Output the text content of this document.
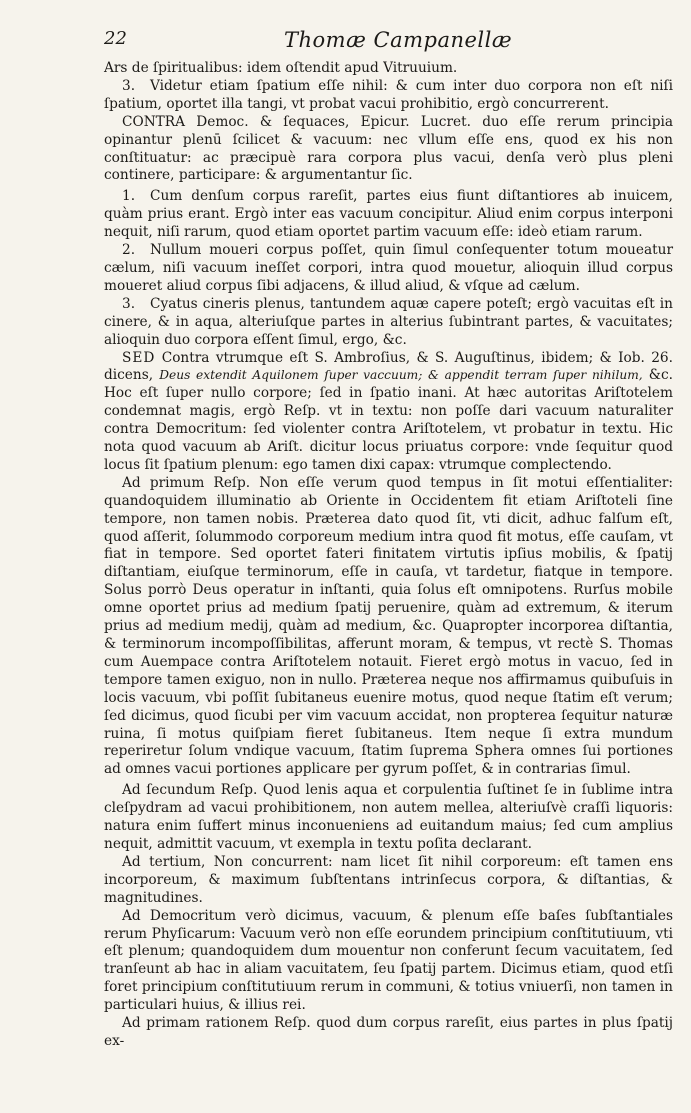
22	Thomæ Campanellæ

Ars de ſpiritualibus: idem oſtendit apud Vitruuium.

3. Videtur etiam ſpatium eſſe nihil: & cum inter duo corpora non eſt niſi ſpatium, oportet illa tangi, vt probat vacui prohibitio, ergò concurrerent.

CONTRA Democ. & ſequaces, Epicur. Lucret. duo eſſe rerum principia opinantur plenū ſcilicet & vacuum: nec vllum eſſe ens, quod ex his non conſtituatur: ac præcipuè rara corpora plus vacui, denſa verò plus pleni continere, participare: & argumentantur ſic.

1. Cum denſum corpus rareſit, partes eius fiunt diſtantiores ab inuicem, quàm prius erant. Ergò inter eas vacuum concipitur. Aliud enim corpus interponi nequit, niſi rarum, quod etiam oportet partim vacuum eſſe: ideò etiam rarum.

2. Nullum moueri corpus poſſet, quin ſimul conſequenter totum moueatur cælum, niſi vacuum ineſſet corpori, intra quod mouetur, alioquin illud corpus moueret aliud corpus ſibi adjacens, & illud aliud, & vſque ad cælum.

3. Cyatus cineris plenus, tantundem aquæ capere poteſt; ergò vacuitas eſt in cinere, & in aqua, alteriuſque partes in alterius ſubintrant partes, & vacuitates; alioquin duo corpora eſſent ſimul, ergo, &c.

SED Contra vtrumque eſt S. Ambroſius, & S. Auguſtinus, ibidem; & Iob. 26. dicens, Deus extendit Aquilonem ſuper vaccuum; & appendit terram ſuper nihilum, &c. Hoc eſt ſuper nullo corpore; ſed in ſpatio inani. At hæc autoritas Ariſtotelem condemnat magis, ergò Reſp. vt in textu: non poſſe dari vacuum naturaliter contra Democritum: ſed violenter contra Ariſtotelem, vt probatur in textu. Hic nota quod vacuum ab Ariſt. dicitur locus priuatus corpore: vnde ſequitur quod locus ſit ſpatium plenum: ego tamen dixi capax: vtrumque complectendo.

Ad primum Reſp. Non eſſe verum quod tempus in ſit motui eſſentialiter: quandoquidem illuminatio ab Oriente in Occidentem fit etiam Ariſtoteli ſine tempore, non tamen nobis. Præterea dato quod ſit, vti dicit, adhuc falſum eſt, quod aſſerit, ſolummodo corporeum medium intra quod fit motus, eſſe cauſam, vt fiat in tempore. Sed oportet fateri finitatem virtutis ipſius mobilis, & ſpatij diſtantiam, eiuſque terminorum, eſſe in cauſa, vt tardetur, fiatque in tempore. Solus porrò Deus operatur in inſtanti, quia ſolus eſt omnipotens. Rurſus mobile omne oportet prius ad medium ſpatij peruenire, quàm ad extremum, & iterum prius ad medium medij, quàm ad medium, &c. Quapropter incorporea diſtantia, & terminorum incompoſſibilitas, afferunt moram, & tempus, vt rectè S. Thomas cum Auempace contra Ariſtotelem notauit. Fieret ergò motus in vacuo, ſed in tempore tamen exiguo, non in nullo. Præterea neque nos affirmamus quibuſuis in locis vacuum, vbi poſſit ſubitaneus euenire motus, quod neque ſtatim eſt verum; ſed dicimus, quod ſicubi per vim vacuum accidat, non propterea ſequitur naturæ ruina, ſi motus quiſpiam fieret ſubitaneus. Item neque ſi extra mundum reperiretur ſolum vndique vacuum, ſtatim ſuprema Sphera omnes ſui portiones ad omnes vacui portiones applicare per gyrum poſſet, & in contrarias ſimul.

Ad ſecundum Reſp. Quod lenis aqua et corpulentia ſuſtinet ſe in ſublime intra cleſpydram ad vacui prohibitionem, non autem mellea, alteriuſvè craſſi liquoris: natura enim ſuffert minus inconueniens ad euitandum maius; ſed cum amplius nequit, admittit vacuum, vt exempla in textu poſita declarant.

Ad tertium, Non concurrent: nam licet ſit nihil corporeum: eſt tamen ens incorporeum, & maximum ſubſtentans intrinſecus corpora, & diſtantias, & magnitudines.

Ad Democritum verò dicimus, vacuum, & plenum eſſe baſes ſubſtantiales rerum Phyſicarum: Vacuum verò non eſſe eorundem principium conſtitutiuum, vti eſt plenum; quandoquidem dum mouentur non conferunt ſecum vacuitatem, ſed tranſeunt ab hac in aliam vacuitatem, ſeu ſpatij partem. Dicimus etiam, quod etſi foret principium conſtitutiuum rerum in communi, & totius vniuerſi, non tamen in particulari huius, & illius rei.

Ad primam rationem Reſp. quod dum corpus rareſit, eius partes in plus ſpatij ex-
